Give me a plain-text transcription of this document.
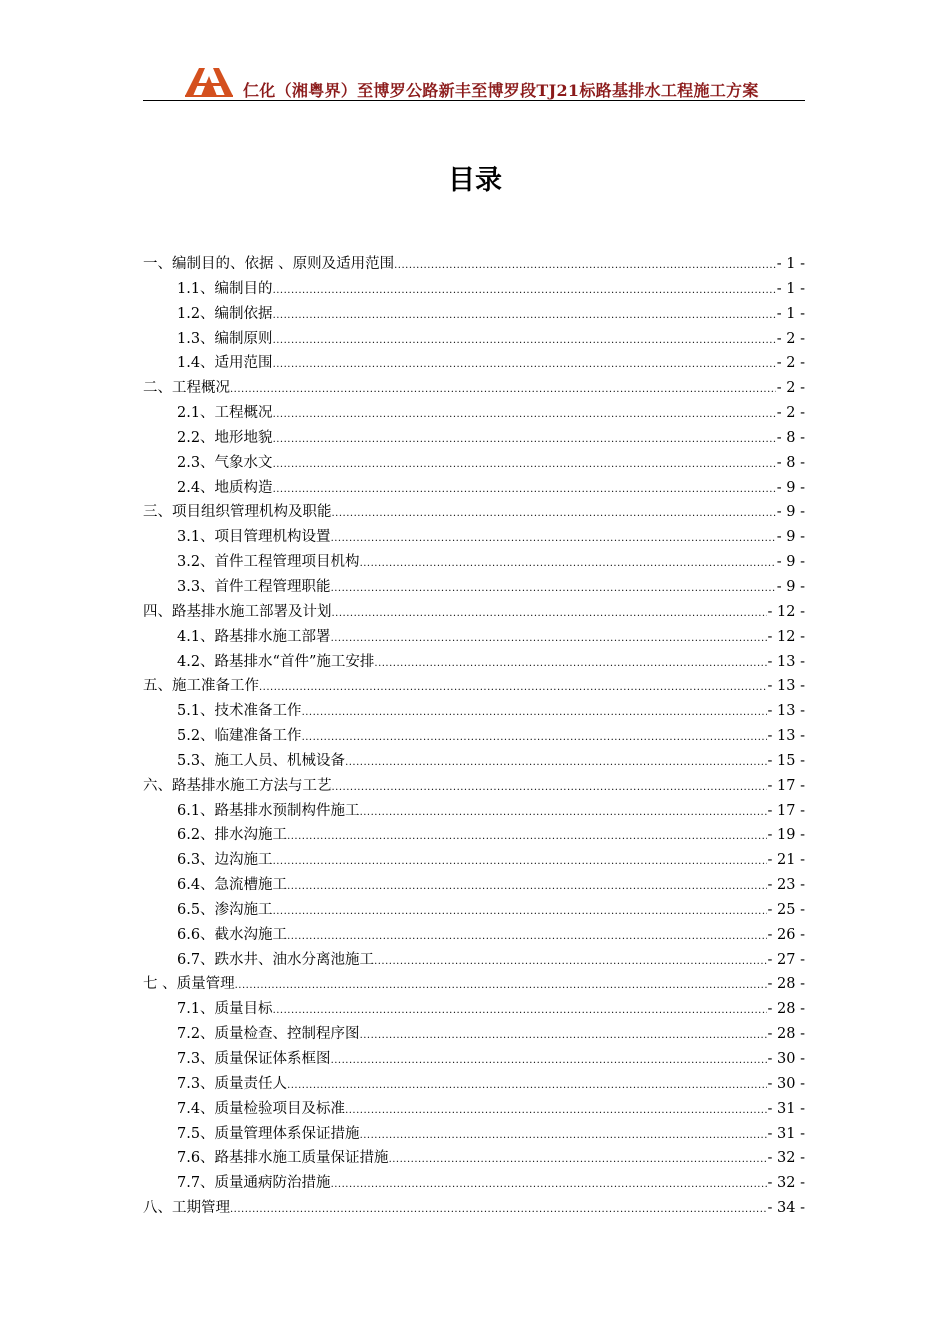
仁化（湘粤界）至博罗公路新丰至博罗段TJ21标路基排水工程施工方案
目录
一、编制目的、依据 、原则及适用范围 .....	- 1 -
1.1、编制目的 .....	- 1 -
1.2、编制依据 .....	- 1 -
1.3、编制原则 .....	- 2 -
1.4、适用范围 .....	- 2 -
二、工程概况 .....	- 2 -
2.1、工程概况 .....	- 2 -
2.2、地形地貌 .....	- 8 -
2.3、气象水文 .....	- 8 -
2.4、地质构造 .....	- 9 -
三、项目组织管理机构及职能 .....	- 9 -
3.1、项目管理机构设置 .....	- 9 -
3.2、首件工程管理项目机构 .....	- 9 -
3.3、首件工程管理职能 .....	- 9 -
四、路基排水施工部署及计划 .....	- 12 -
4.1、路基排水施工部署 .....	- 12 -
4.2、路基排水“首件”施工安排 .....	- 13 -
五、施工准备工作 .....	- 13 -
5.1、技术准备工作 .....	- 13 -
5.2、临建准备工作 .....	- 13 -
5.3、施工人员、机械设备 .....	- 15 -
六、路基排水施工方法与工艺 .....	- 17 -
6.1、路基排水预制构件施工 .....	- 17 -
6.2、排水沟施工 .....	- 19 -
6.3、边沟施工 .....	- 21 -
6.4、急流槽施工 .....	- 23 -
6.5、渗沟施工 .....	- 25 -
6.6、截水沟施工 .....	- 26 -
6.7、跌水井、油水分离池施工 .....	- 27 -
七 、质量管理 .....	- 28 -
7.1、质量目标 .....	- 28 -
7.2、质量检查、控制程序图 .....	- 28 -
7.3、质量保证体系框图 .....	- 30 -
7.3、质量责任人 .....	- 30 -
7.4、质量检验项目及标准 .....	- 31 -
7.5、质量管理体系保证措施 .....	- 31 -
7.6、路基排水施工质量保证措施 .....	- 32 -
7.7、质量通病防治措施 .....	- 32 -
八、工期管理 .....	- 34 -
